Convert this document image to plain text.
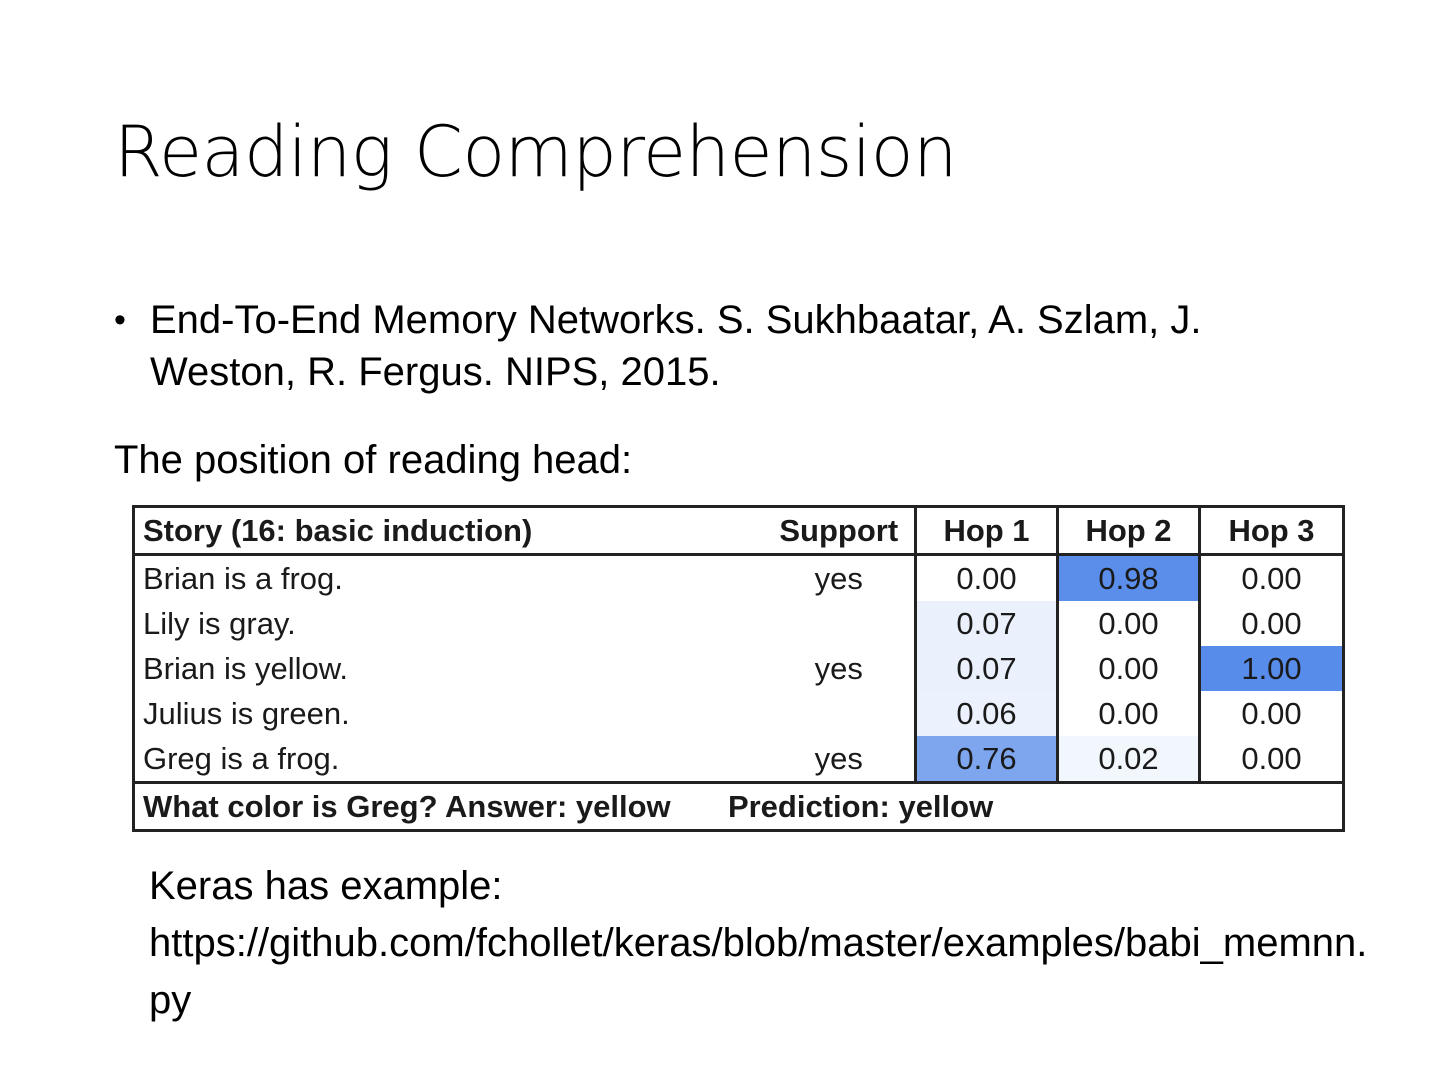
Reading Comprehension
• End-To-End Memory Networks. S. Sukhbaatar, A. Szlam, J. Weston, R. Fergus. NIPS, 2015.

The position of reading head:

Story (16: basic induction)	Support	Hop 1	Hop 2	Hop 3
Brian is a frog.	yes	0.00	0.98	0.00
Lily is gray.		0.07	0.00	0.00
Brian is yellow.	yes	0.07	0.00	1.00
Julius is green.		0.06	0.00	0.00
Greg is a frog.	yes	0.76	0.02	0.00
What color is Greg? Answer: yellow Prediction: yellow				

Keras has example:
https://github.com/fchollet/keras/blob/master/examples/babi_memnn.py
